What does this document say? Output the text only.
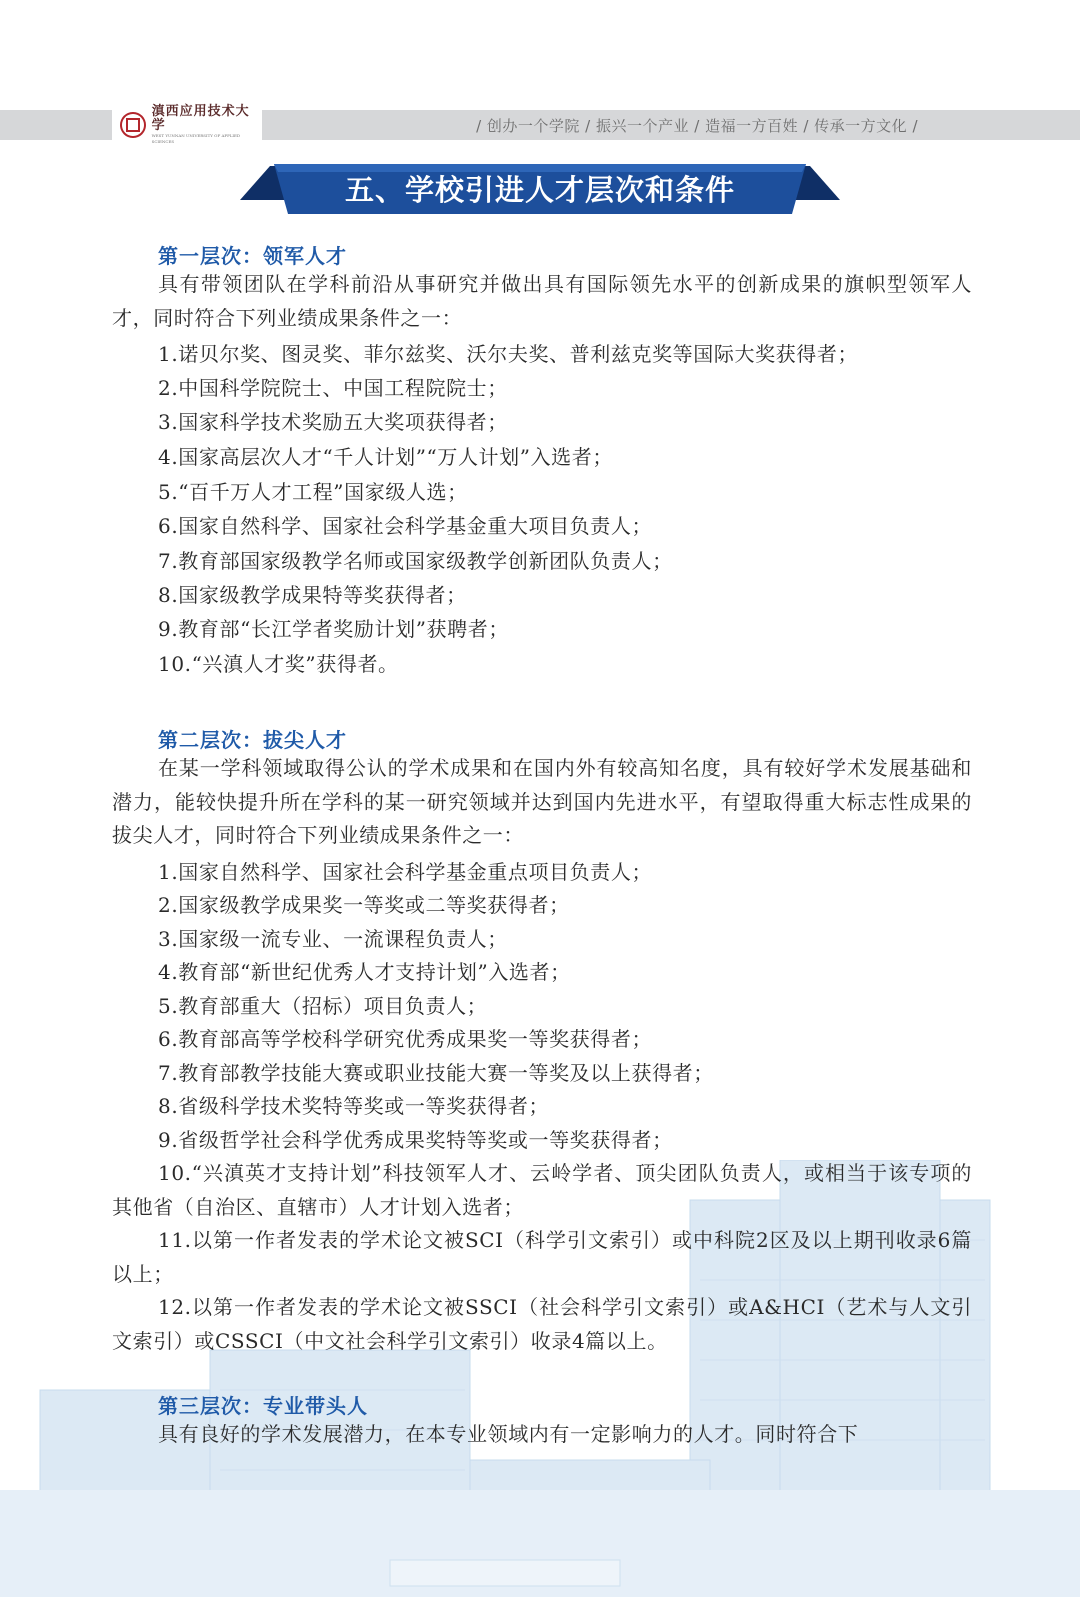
滇西应用技术大学
WEST YUNNAN UNIVERSITY OF APPLIED SCIENCES
/ 创办一个学院 / 振兴一个产业 / 造福一方百姓 / 传承一方文化 /
五、学校引进人才层次和条件
第一层次：领军人才

具有带领团队在学科前沿从事研究并做出具有国际领先水平的创新成果的旗帜型领军人才，同时符合下列业绩成果条件之一：

1.诺贝尔奖、图灵奖、菲尔兹奖、沃尔夫奖、普利兹克奖等国际大奖获得者；
2.中国科学院院士、中国工程院院士；
3.国家科学技术奖励五大奖项获得者；
4.国家高层次人才“千人计划”“万人计划”入选者；
5.“百千万人才工程”国家级人选；
6.国家自然科学、国家社会科学基金重大项目负责人；
7.教育部国家级教学名师或国家级教学创新团队负责人；
8.国家级教学成果特等奖获得者；
9.教育部“长江学者奖励计划”获聘者；
10.“兴滇人才奖”获得者。
第二层次：拔尖人才

在某一学科领域取得公认的学术成果和在国内外有较高知名度，具有较好学术发展基础和潜力，能较快提升所在学科的某一研究领域并达到国内先进水平，有望取得重大标志性成果的拔尖人才，同时符合下列业绩成果条件之一：

1.国家自然科学、国家社会科学基金重点项目负责人；
2.国家级教学成果奖一等奖或二等奖获得者；
3.国家级一流专业、一流课程负责人；
4.教育部“新世纪优秀人才支持计划”入选者；
5.教育部重大（招标）项目负责人；
6.教育部高等学校科学研究优秀成果奖一等奖获得者；
7.教育部教学技能大赛或职业技能大赛一等奖及以上获得者；
8.省级科学技术奖特等奖或一等奖获得者；
9.省级哲学社会科学优秀成果奖特等奖或一等奖获得者；

10.“兴滇英才支持计划”科技领军人才、云岭学者、顶尖团队负责人，或相当于该专项的其他省（自治区、直辖市）人才计划入选者；

11.以第一作者发表的学术论文被SCI（科学引文索引）或中科院2区及以上期刊收录6篇以上；

12.以第一作者发表的学术论文被SSCI（社会科学引文索引）或A&HCI（艺术与人文引文索引）或CSSCI（中文社会科学引文索引）收录4篇以上。

第三层次：专业带头人

具有良好的学术发展潜力，在本专业领域内有一定影响力的人才。同时符合下
